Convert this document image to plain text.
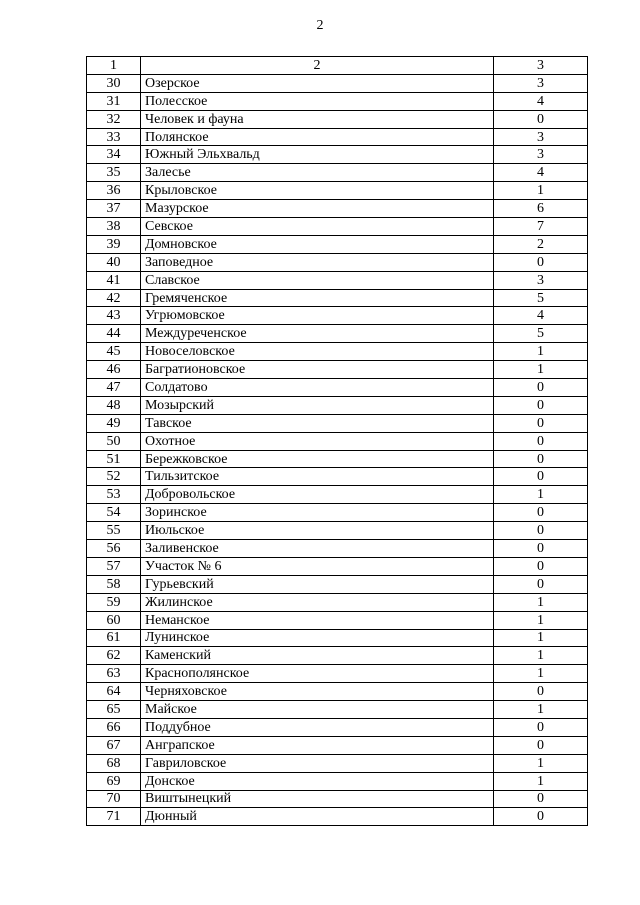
2
1	2	3
30	Озерское	3
31	Полесское	4
32	Человек и фауна	0
33	Полянское	3
34	Южный Эльхвальд	3
35	Залесье	4
36	Крыловское	1
37	Мазурское	6
38	Севское	7
39	Домновское	2
40	Заповедное	0
41	Славское	3
42	Гремяченское	5
43	Угрюмовское	4
44	Междуреченское	5
45	Новоселовское	1
46	Багратионовское	1
47	Солдатово	0
48	Мозырский	0
49	Тавское	0
50	Охотное	0
51	Бережковское	0
52	Тильзитское	0
53	Добровольское	1
54	Зоринское	0
55	Июльское	0
56	Заливенское	0
57	Участок № 6	0
58	Гурьевский	0
59	Жилинское	1
60	Неманское	1
61	Лунинское	1
62	Каменский	1
63	Краснополянское	1
64	Черняховское	0
65	Майское	1
66	Поддубное	0
67	Ангрaпское	0
68	Гавриловское	1
69	Донское	1
70	Виштынецкий	0
71	Дюнный	0
